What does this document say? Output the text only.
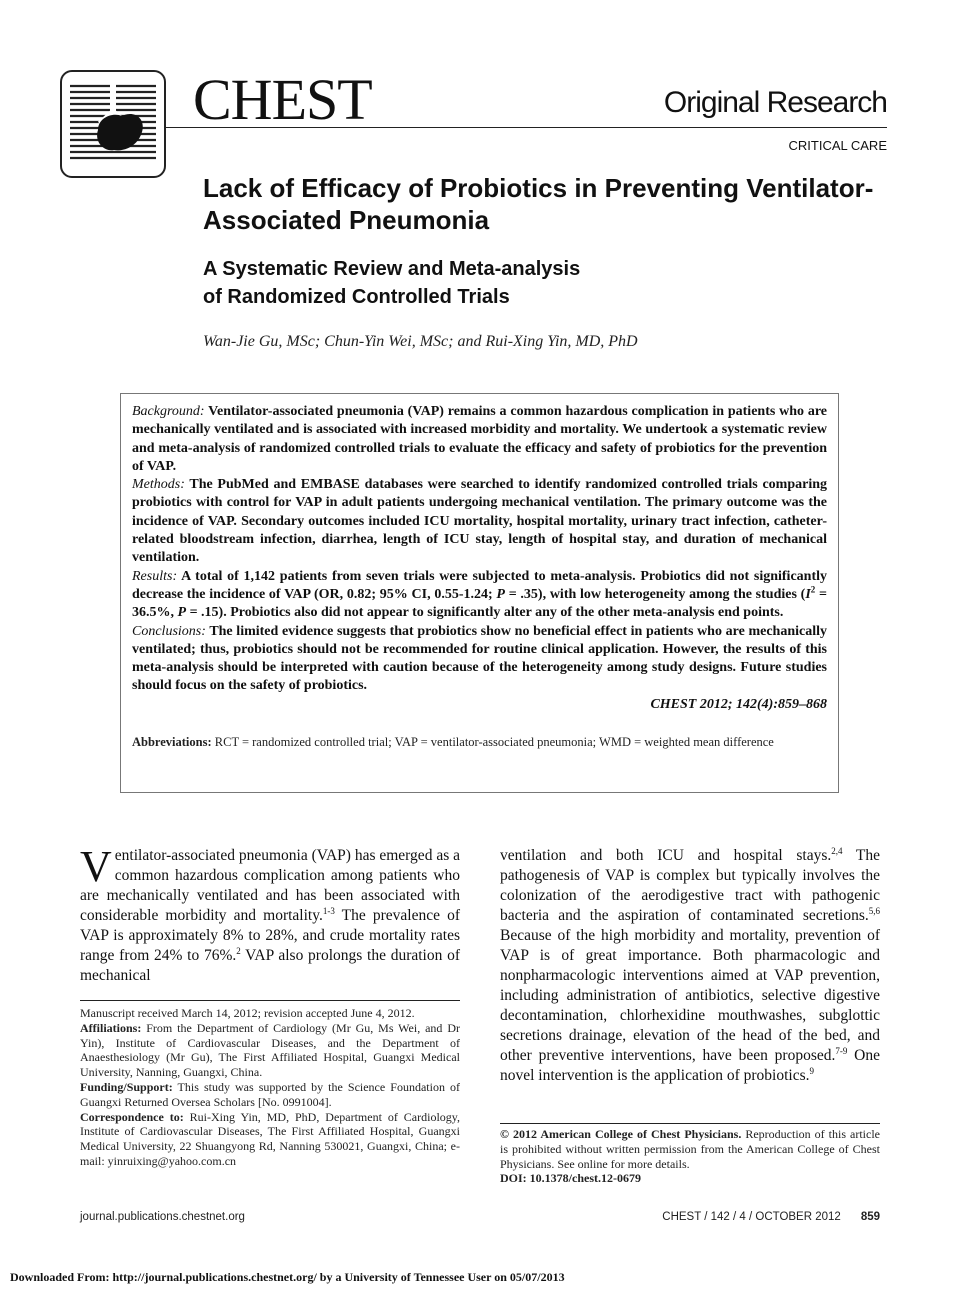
CHEST	Original Research
CRITICAL CARE
Lack of Efficacy of Probiotics in Preventing Ventilator-Associated Pneumonia
A Systematic Review and Meta-analysis
of Randomized Controlled Trials
Wan-Jie Gu, MSc; Chun-Yin Wei, MSc; and Rui-Xing Yin, MD, PhD

Background: Ventilator-associated pneumonia (VAP) remains a common hazardous complication in patients who are mechanically ventilated and is associated with increased morbidity and mortality. We undertook a systematic review and meta-analysis of randomized controlled trials to evaluate the efficacy and safety of probiotics for the prevention of VAP.

Methods: The PubMed and EMBASE databases were searched to identify randomized controlled trials comparing probiotics with control for VAP in adult patients undergoing mechanical ventilation. The primary outcome was the incidence of VAP. Secondary outcomes included ICU mortality, hospital mortality, urinary tract infection, catheter-related bloodstream infection, diarrhea, length of ICU stay, length of hospital stay, and duration of mechanical ventilation.

Results: A total of 1,142 patients from seven trials were subjected to meta-analysis. Probiotics did not significantly decrease the incidence of VAP (OR, 0.82; 95% CI, 0.55-1.24; P = .35), with low heterogeneity among the studies ($I^2 = 36.5\%$, P = .15). Probiotics also did not appear to significantly alter any of the other meta-analysis end points.

Conclusions: The limited evidence suggests that probiotics show no beneficial effect in patients who are mechanically ventilated; thus, probiotics should not be recommended for routine clinical application. However, the results of this meta-analysis should be interpreted with caution because of the heterogeneity among study designs. Future studies should focus on the safety of probiotics.

CHEST 2012; 142(4):859–868

Abbreviations: RCT = randomized controlled trial; VAP = ventilator-associated pneumonia; WMD = weighted mean difference
Ventilator-associated pneumonia (VAP) has emerged as a common hazardous complication among patients who are mechanically ventilated and has been associated with considerable morbidity and mortality.$^{1-3}$ The prevalence of VAP is approximately 8% to 28%, and crude mortality rates range from 24% to 76%.$^2$ VAP also prolongs the duration of mechanical
ventilation and both ICU and hospital stays.$^{2,4}$ The pathogenesis of VAP is complex but typically involves the colonization of the aerodigestive tract with pathogenic bacteria and the aspiration of contaminated secretions.$^{5,6}$ Because of the high morbidity and mortality, prevention of VAP is of great importance. Both pharmacologic and nonpharmacologic interventions aimed at VAP prevention, including administration of antibiotics, selective digestive decontamination, chlorhexidine mouthwashes, subglottic secretions drainage, elevation of the head of the bed, and other preventive interventions, have been proposed.$^{7-9}$ One novel intervention is the application of probiotics.$^9$

Manuscript received March 14, 2012; revision accepted June 4, 2012.

Affiliations: From the Department of Cardiology (Mr Gu, Ms Wei, and Dr Yin), Institute of Cardiovascular Diseases, and the Department of Anaesthesiology (Mr Gu), The First Affiliated Hospital, Guangxi Medical University, Nanning, Guangxi, China.

Funding/Support: This study was supported by the Science Foundation of Guangxi Returned Oversea Scholars [No. 0991004].

Correspondence to: Rui-Xing Yin, MD, PhD, Department of Cardiology, Institute of Cardiovascular Diseases, The First Affiliated Hospital, Guangxi Medical University, 22 Shuangyong Rd, Nanning 530021, Guangxi, China; e-mail: yinruixing@yahoo.com.cn

© 2012 American College of Chest Physicians. Reproduction of this article is prohibited without written permission from the American College of Chest Physicians. See online for more details.

DOI: 10.1378/chest.12-0679

journal.publications.chestnet.org	CHEST / 142 / 4 / OCTOBER 2012 859
Downloaded From: http://journal.publications.chestnet.org/ by a University of Tennessee User on 05/07/2013
